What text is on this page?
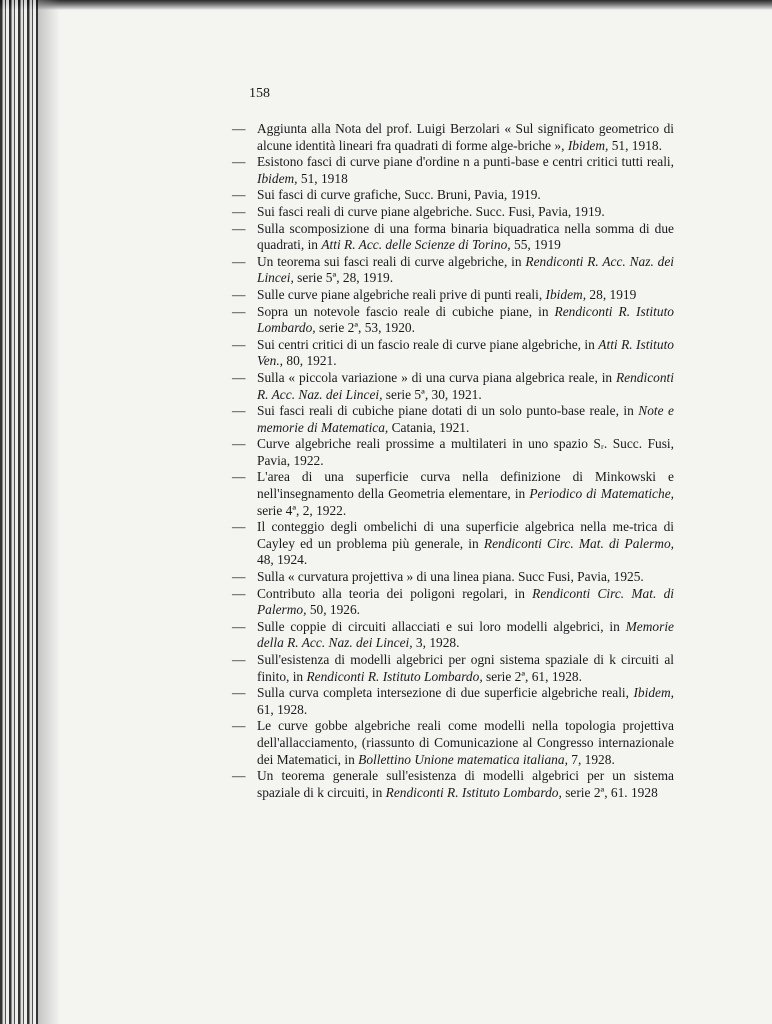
158
— Aggiunta alla Nota del prof. Luigi Berzolari « Sul significato geometrico di alcune identità lineari fra quadrati di forme alge-briche », Ibidem, 51, 1918.
— Esistono fasci di curve piane d'ordine n a punti-base e centri critici tutti reali, Ibidem, 51, 1918
— Sui fasci di curve grafiche, Succ. Bruni, Pavia, 1919.
— Sui fasci reali di curve piane algebriche. Succ. Fusi, Pavia, 1919.
— Sulla scomposizione di una forma binaria biquadratica nella somma di due quadrati, in Atti R. Acc. delle Scienze di Torino, 55, 1919
— Un teorema sui fasci reali di curve algebriche, in Rendiconti R. Acc. Naz. dei Lincei, serie 5ª, 28, 1919.
— Sulle curve piane algebriche reali prive di punti reali, Ibidem, 28, 1919
— Sopra un notevole fascio reale di cubiche piane, in Rendiconti R. Istituto Lombardo, serie 2ª, 53, 1920.
— Sui centri critici di un fascio reale di curve piane algebriche, in Atti R. Istituto Ven., 80, 1921.
— Sulla « piccola variazione » di una curva piana algebrica reale, in Rendiconti R. Acc. Naz. dei Lincei, serie 5ª, 30, 1921.
— Sui fasci reali di cubiche piane dotati di un solo punto-base reale, in Note e memorie di Matematica, Catania, 1921.
— Curve algebriche reali prossime a multilateri in uno spazio Sᵣ. Succ. Fusi, Pavia, 1922.
— L'area di una superficie curva nella definizione di Minkowski e nell'insegnamento della Geometria elementare, in Periodico di Matematiche, serie 4ª, 2, 1922.
— Il conteggio degli ombelichi di una superficie algebrica nella me-trica di Cayley ed un problema più generale, in Rendiconti Circ. Mat. di Palermo, 48, 1924.
— Sulla « curvatura projettiva » di una linea piana. Succ Fusi, Pavia, 1925.
— Contributo alla teoria dei poligoni regolari, in Rendiconti Circ. Mat. di Palermo, 50, 1926.
— Sulle coppie di circuiti allacciati e sui loro modelli algebrici, in Memorie della R. Acc. Naz. dei Lincei, 3, 1928.
— Sull'esistenza di modelli algebrici per ogni sistema spaziale di k circuiti al finito, in Rendiconti R. Istituto Lombardo, serie 2ª, 61, 1928.
— Sulla curva completa intersezione di due superficie algebriche reali, Ibidem, 61, 1928.
— Le curve gobbe algebriche reali come modelli nella topologia projettiva dell'allacciamento, (riassunto di Comunicazione al Congresso internazionale dei Matematici, in Bollettino Unione matematica italiana, 7, 1928.
— Un teorema generale sull'esistenza di modelli algebrici per un sistema spaziale di k circuiti, in Rendiconti R. Istituto Lombardo, serie 2ª, 61. 1928
